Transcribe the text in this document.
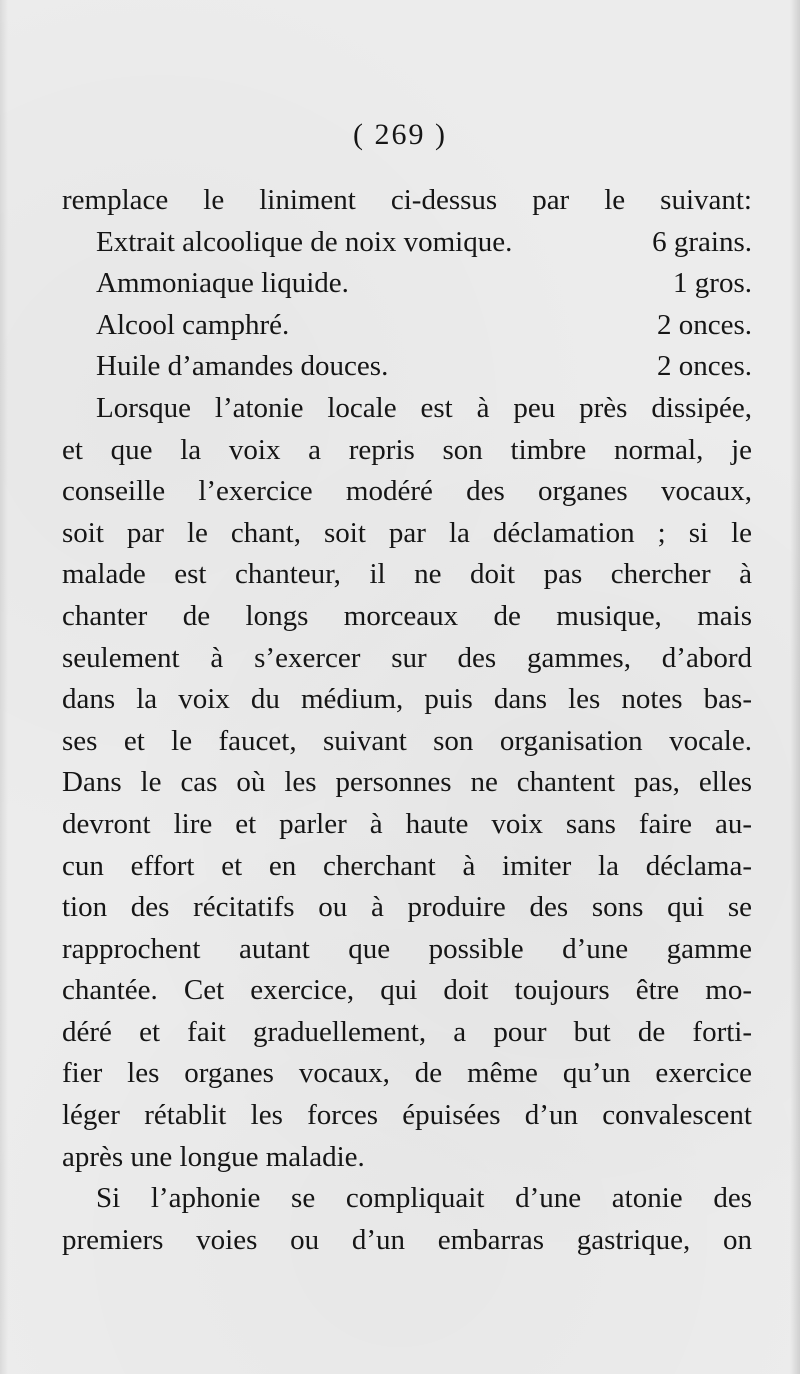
( 269 )
remplace le liniment ci-dessus par le suivant:
Extrait alcoolique de noix vomique.	6 grains.
Ammoniaque liquide.	1 gros.
Alcool camphré.	2 onces.
Huile d’amandes douces.	2 onces.
Lorsque l’atonie locale est à peu près dissipée,
et que la voix a repris son timbre normal, je
conseille l’exercice modéré des organes vocaux,
soit par le chant, soit par la déclamation ; si le
malade est chanteur, il ne doit pas chercher à
chanter de longs morceaux de musique, mais
seulement à s’exercer sur des gammes, d’abord
dans la voix du médium, puis dans les notes bas-
ses et le faucet, suivant son organisation vocale.
Dans le cas où les personnes ne chantent pas, elles
devront lire et parler à haute voix sans faire au-
cun effort et en cherchant à imiter la déclama-
tion des récitatifs ou à produire des sons qui se
rapprochent autant que possible d’une gamme
chantée. Cet exercice, qui doit toujours être mo-
déré et fait graduellement, a pour but de forti-
fier les organes vocaux, de même qu’un exercice
léger rétablit les forces épuisées d’un convalescent
après une longue maladie.
Si l’aphonie se compliquait d’une atonie des
premiers voies ou d’un embarras gastrique, on
